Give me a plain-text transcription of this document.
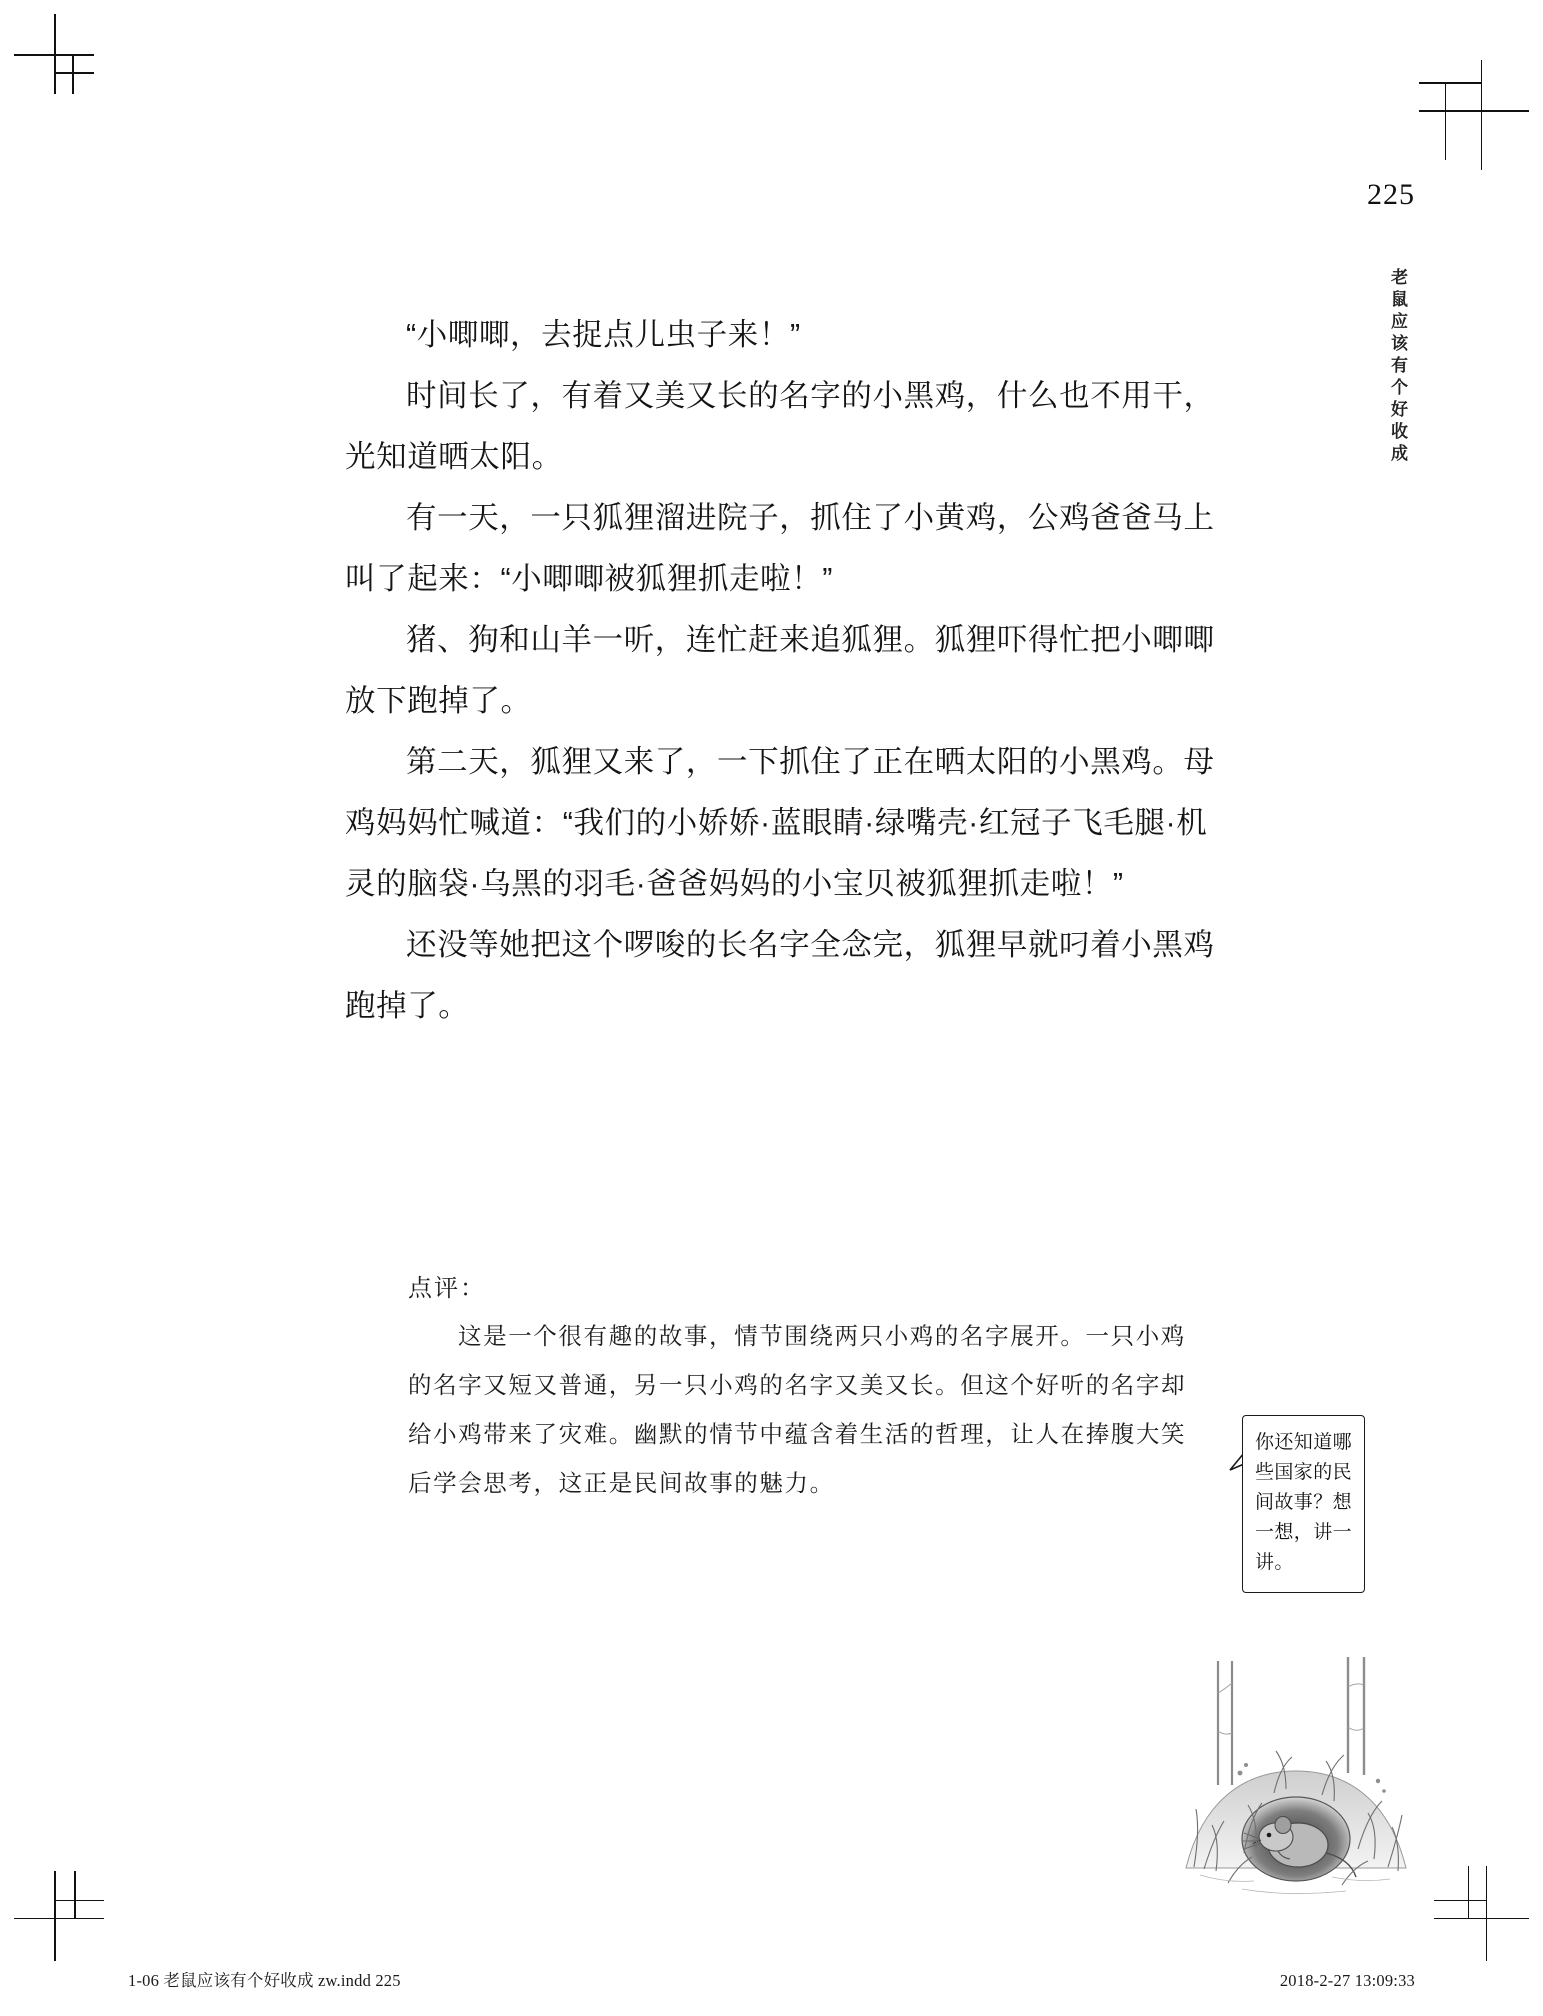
225
老鼠应该有个好收成

“小唧唧，去捉点儿虫子来！”

时间长了，有着又美又长的名字的小黑鸡，什么也不用干，光知道晒太阳。

有一天，一只狐狸溜进院子，抓住了小黄鸡，公鸡爸爸马上叫了起来：“小唧唧被狐狸抓走啦！”

猪、狗和山羊一听，连忙赶来追狐狸。狐狸吓得忙把小唧唧放下跑掉了。

第二天，狐狸又来了，一下抓住了正在晒太阳的小黑鸡。母鸡妈妈忙喊道：“我们的小娇娇·蓝眼睛·绿嘴壳·红冠子飞毛腿·机灵的脑袋·乌黑的羽毛·爸爸妈妈的小宝贝被狐狸抓走啦！”

还没等她把这个啰唆的长名字全念完，狐狸早就叼着小黑鸡跑掉了。

点评：
这是一个很有趣的故事，情节围绕两只小鸡的名字展开。一只小鸡的名字又短又普通，另一只小鸡的名字又美又长。但这个好听的名字却给小鸡带来了灾难。幽默的情节中蕴含着生活的哲理，让人在捧腹大笑后学会思考，这正是民间故事的魅力。
你还知道哪些国家的民间故事？想一想，讲一讲。
1-06 老鼠应该有个好收成 zw.indd 225	2018-2-27 13:09:33
